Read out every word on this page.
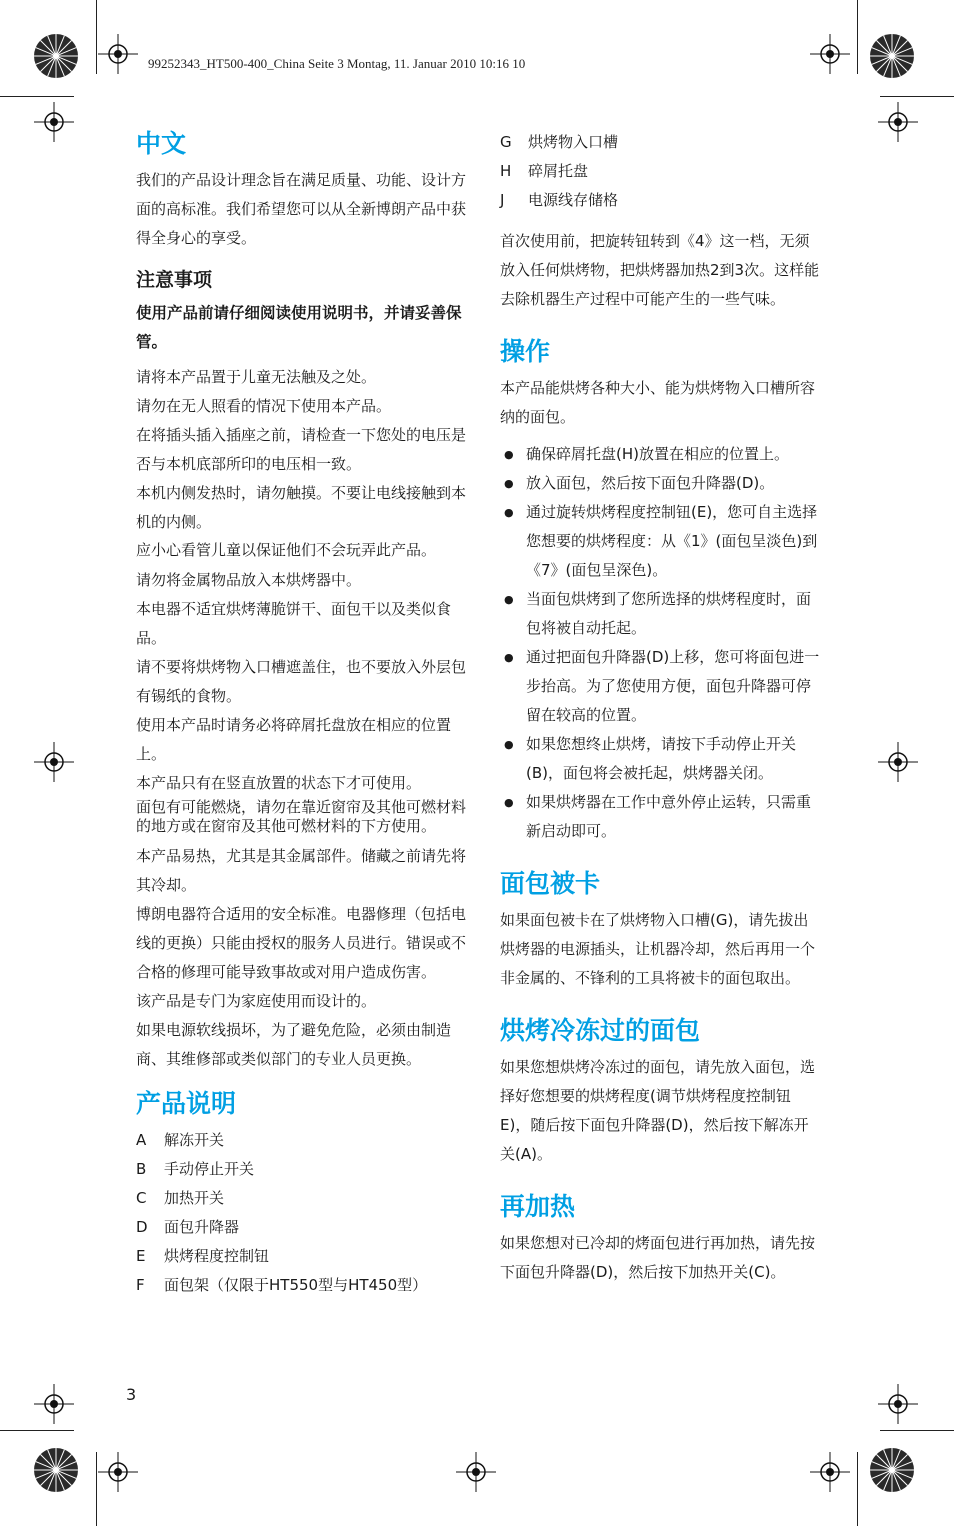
99252343_HT500-400_China Seite 3 Montag, 11. Januar 2010 10:16 10
中文

我们的产品设计理念旨在满足质量、功能、设计方面的高标准。我们希望您可以从全新博朗产品中获得全身心的享受。

注意事项

使用产品前请仔细阅读使用说明书，并请妥善保管。

请将本产品置于儿童无法触及之处。

请勿在无人照看的情况下使用本产品。

在将插头插入插座之前，请检查一下您处的电压是否与本机底部所印的电压相一致。

本机内侧发热时，请勿触摸。不要让电线接触到本机的内侧。

应小心看管儿童以保证他们不会玩弄此产品。

请勿将金属物品放入本烘烤器中。

本电器不适宜烘烤薄脆饼干、面包干以及类似食品。

请不要将烘烤物入口槽遮盖住，也不要放入外层包有锡纸的食物。

使用本产品时请务必将碎屑托盘放在相应的位置上。

本产品只有在竖直放置的状态下才可使用。

面包有可能燃烧，请勿在靠近窗帘及其他可燃材料的地方或在窗帘及其他可燃材料的下方使用。

本产品易热，尤其是其金属部件。储藏之前请先将其冷却。

博朗电器符合适用的安全标准。电器修理（包括电线的更换）只能由授权的服务人员进行。错误或不合格的修理可能导致事故或对用户造成伤害。

该产品是专门为家庭使用而设计的。

如果电源软线损坏，为了避免危险，必须由制造商、其维修部或类似部门的专业人员更换。

产品说明
A	解冻开关
B	手动停止开关
C	加热开关
D	面包升降器
E	烘烤程度控制钮
F	面包架（仅限于HT550型与HT450型）
3
G	烘烤物入口槽
H	碎屑托盘
J	电源线存储格

首次使用前，把旋转钮转到《4》这一档，无须放入任何烘烤物，把烘烤器加热2到3次。这样能去除机器生产过程中可能产生的一些气味。

操作

本产品能烘烤各种大小、能为烘烤物入口槽所容纳的面包。

● 确保碎屑托盘(H)放置在相应的位置上。
● 放入面包，然后按下面包升降器(D)。
● 通过旋转烘烤程度控制钮(E)，您可自主选择您想要的烘烤程度：从《1》(面包呈淡色)到《7》(面包呈深色)。
● 当面包烘烤到了您所选择的烘烤程度时，面包将被自动托起。
● 通过把面包升降器(D)上移，您可将面包进一步抬高。为了您使用方便，面包升降器可停留在较高的位置。
● 如果您想终止烘烤，请按下手动停止开关(B)，面包将会被托起，烘烤器关闭。
● 如果烘烤器在工作中意外停止运转，只需重新启动即可。
面包被卡

如果面包被卡在了烘烤物入口槽(G)，请先拔出烘烤器的电源插头，让机器冷却，然后再用一个非金属的、不锋利的工具将被卡的面包取出。

烘烤冷冻过的面包

如果您想烘烤冷冻过的面包，请先放入面包，选择好您想要的烘烤程度(调节烘烤程度控制钮E)，随后按下面包升降器(D)，然后按下解冻开关(A)。

再加热

如果您想对已冷却的烤面包进行再加热，请先按下面包升降器(D)，然后按下加热开关(C)。
